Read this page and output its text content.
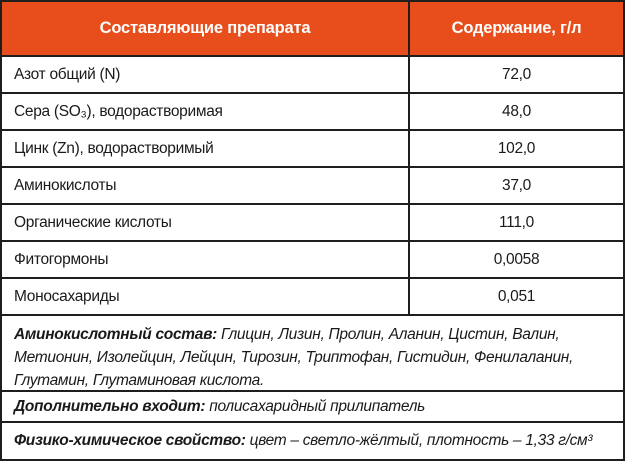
Составляющие препарата	Содержание, г/л
Азот общий (N)	72,0
Сера (SO₃), водорастворимая	48,0
Цинк (Zn), водорастворимый	102,0
Аминокислоты	37,0
Органические кислоты	111,0
Фитогормоны	0,0058
Моносахариды	0,051
Аминокислотный состав: Глицин, Лизин, Пролин, Аланин, Цистин, Валин, Метионин, Изолейцин, Лейцин, Тирозин, Триптофан, Гистидин, Фенилаланин, Глутамин, Глутаминовая кислота.
Дополнительно входит: полисахаридный прилипатель
Физико-химическое свойство: цвет – светло-жёлтый, плотность – 1,33 г/см³
